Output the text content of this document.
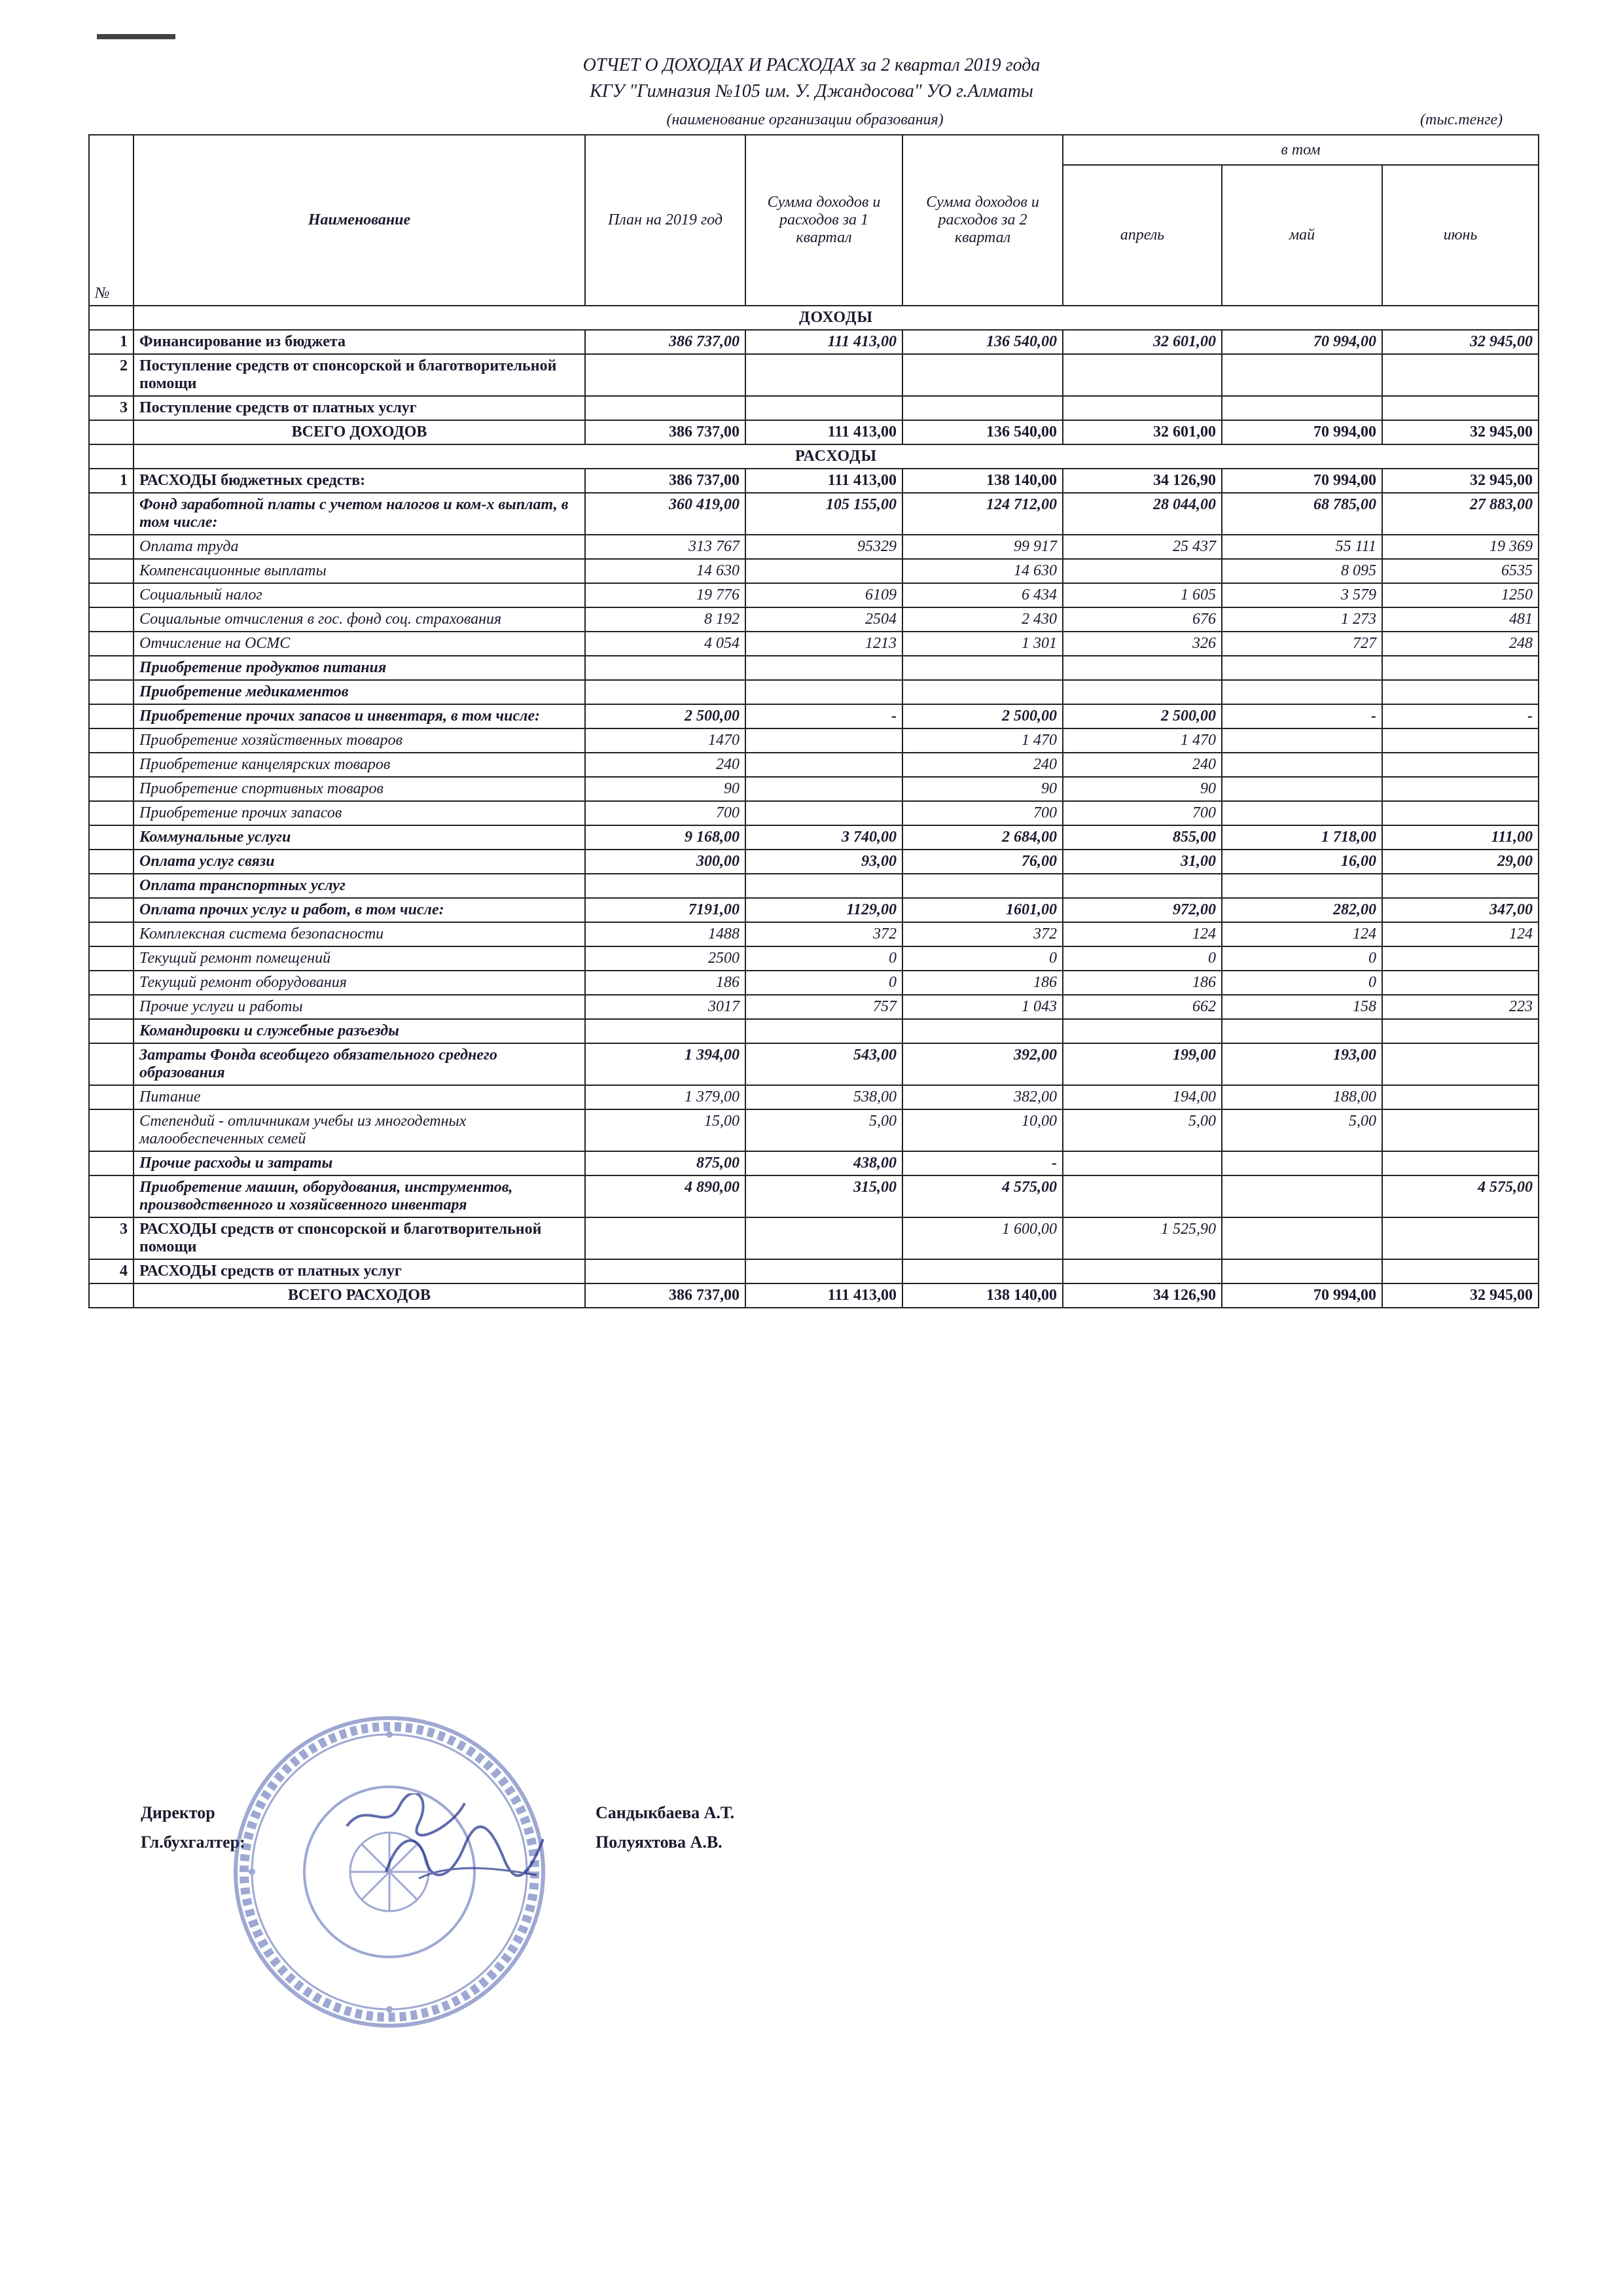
ОТЧЕТ О ДОХОДАХ И РАСХОДАХ за 2 квартал 2019 года
КГУ "Гимназия №105 им. У. Джандосова" УО г.Алматы
(наименование организации образования)	(тыс.тенге)
№	Наименование	План на 2019 год	Сумма доходов и расходов за 1 квартал	Сумма доходов и расходов за 2 квартал	в том		
					апрель	май	июнь
	ДОХОДЫ						
1	Финансирование из бюджета	386 737,00	111 413,00	136 540,00	32 601,00	70 994,00	32 945,00
2	Поступление средств от спонсорской и благотворительной помощи						
3	Поступление средств от платных услуг						
	ВСЕГО ДОХОДОВ	386 737,00	111 413,00	136 540,00	32 601,00	70 994,00	32 945,00
	РАСХОДЫ						
1	РАСХОДЫ бюджетных средств:	386 737,00	111 413,00	138 140,00	34 126,90	70 994,00	32 945,00
	Фонд заработной платы с учетом налогов и ком-х выплат, в том числе:	360 419,00	105 155,00	124 712,00	28 044,00	68 785,00	27 883,00
	Оплата труда	313 767	95329	99 917	25 437	55 111	19 369
	Компенсационные выплаты	14 630		14 630		8 095	6535
	Социальный налог	19 776	6109	6 434	1 605	3 579	1250
	Социальные отчисления в гос. фонд соц. страхования	8 192	2504	2 430	676	1 273	481
	Отчисление на ОСМС	4 054	1213	1 301	326	727	248
	Приобретение продуктов питания						
	Приобретение медикаментов						
	Приобретение прочих запасов и инвентаря, в том числе:	2 500,00	-	2 500,00	2 500,00	-	-
	Приобретение хозяйственных товаров	1470		1 470	1 470		
	Приобретение канцелярских товаров	240		240	240		
	Приобретение спортивных товаров	90		90	90		
	Приобретение прочих запасов	700		700	700		
	Коммунальные услуги	9 168,00	3 740,00	2 684,00	855,00	1 718,00	111,00
	Оплата услуг связи	300,00	93,00	76,00	31,00	16,00	29,00
	Оплата транспортных услуг						
	Оплата прочих услуг и работ, в том числе:	7191,00	1129,00	1601,00	972,00	282,00	347,00
	Комплексная система безопасности	1488	372	372	124	124	124
	Текущий ремонт помещений	2500	0	0	0	0	
	Текущий ремонт оборудования	186	0	186	186	0	
	Прочие услуги и работы	3017	757	1 043	662	158	223
	Командировки и служебные разъезды						
	Затраты Фонда всеобщего обязательного среднего образования	1 394,00	543,00	392,00	199,00	193,00	
	Питание	1 379,00	538,00	382,00	194,00	188,00	
	Степендий - отличникам учебы из многодетных малообеспеченных семей	15,00	5,00	10,00	5,00	5,00	
	Прочие расходы и затраты	875,00	438,00	-			
	Приобретение машин, оборудования, инструментов, производственного и хозяйсвенного инвентаря	4 890,00	315,00	4 575,00			4 575,00
3	РАСХОДЫ средств от спонсорской и благотворительной помощи			1 600,00	1 525,90		
4	РАСХОДЫ средств от платных услуг						
	ВСЕГО РАСХОДОВ	386 737,00	111 413,00	138 140,00	34 126,90	70 994,00	32 945,00
Директор	Сандыкбаева А.Т.
Гл.бухгалтер:	Полуяхтова А.В.
